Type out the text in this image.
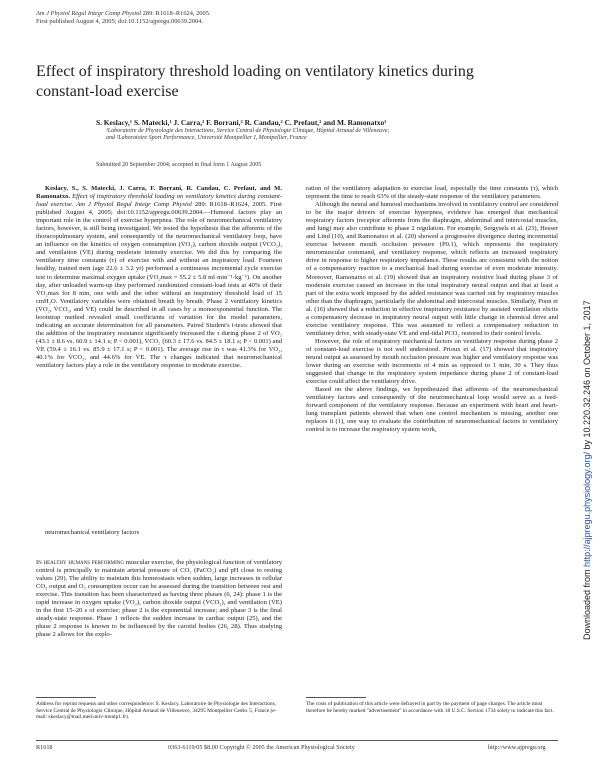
Am J Physiol Regul Integr Comp Physiol 289: R1618–R1624, 2005.
First published August 4, 2005; doi:10.1152/ajpregu.00639.2004.
Effect of inspiratory threshold loading on ventilatory kinetics during constant-load exercise
S. Keslacy,¹ S. Matecki,¹ J. Carra,² F. Borrani,² R. Candau,² C. Prefaut,¹ and M. Ramonatxo¹
¹Laboratoire de Physiologie des Interactions, Service Central de Physiologie Clinique, Hôpital Arnaud de Villeneuve;
and ²Laboratoire Sport Performance, Université Montpellier I, Montpellier, France
Submitted 20 September 2004; accepted in final form 1 August 2005

Keslacy, S., S. Matecki, J. Carra, F. Borrani, R. Candau, C. Prefaut, and M. Ramonatxo. Effect of inspiratory threshold loading on ventilatory kinetics during constant-load exercise. Am J Physiol Regul Integr Comp Physiol 289: R1618–R1624, 2005. First published August 4, 2005; doi:10.1152/ajpregu.00639.2004.—Humoral factors play an important role in the control of exercise hyperpnea. The role of neuromechanical ventilatory factors, however, is still being investigated. We tested the hypothesis that the afferents of the thoracopulmonary system, and consequently of the neuromechanical ventilatory loop, have an influence on the kinetics of oxygen consumption (V̇O₂), carbon dioxide output (V̇CO₂), and ventilation (V̇E) during moderate intensity exercise. We did this by comparing the ventilatory time constants (τ) of exercise with and without an inspiratory load. Fourteen healthy, trained men (age 22.6 ± 3.2 yr) performed a continuous incremental cycle exercise test to determine maximal oxygen uptake (V̇O₂max = 55.2 ± 5.8 ml·min⁻¹·kg⁻¹). On another day, after unloaded warm-up they performed randomized constant-load tests at 40% of their V̇O₂max for 8 min, one with and the other without an inspiratory threshold load of 15 cmH₂O. Ventilatory variables were obtained breath by breath. Phase 2 ventilatory kinetics (V̇O₂, V̇CO₂, and V̇E) could be described in all cases by a monoexponential function. The bootstrap method revealed small coefficients of variation for the model parameters, indicating an accurate determination for all parameters. Paired Student's t-tests showed that the addition of the inspiratory resistance significantly increased the τ during phase 2 of V̇O₂ (43.1 ± 8.6 vs. 60.9 ± 14.1 s; P < 0.001), V̇CO₂ (60.3 ± 17.6 vs. 84.5 ± 18.1 s; P < 0.001) and V̇E (59.4 ± 16.1 vs. 85.9 ± 17.1 s; P < 0.001). The average rise in τ was 41.3% for V̇O₂, 40.1% for V̇CO₂, and 44.6% for V̇E. The τ changes indicated that neuromechanical ventilatory factors play a role in the ventilatory response to moderate exercise.

neuromechanical ventilatory factors

In healthy humans performing muscular exercise, the physiological function of ventilatory control is principally to maintain arterial pressure of CO₂ (PaCO₂) and pH close to resting values (29). The ability to maintain this homeostasis when sudden, large increases in cellular CO₂ output and O₂ consumption occur can be assessed during the transition between rest and exercise. This transition has been characterized as having three phases (6, 24): phase 1 is the rapid increase in oxygen uptake (V̇O₂), carbon dioxide output (V̇CO₂), and ventilation (V̇E) in the first 15–20 s of exercise; phase 2 is the exponential increase; and phase 3 is the final steady-state response. Phase 1 reflects the sudden increase in cardiac output (25), and the phase 2 response is known to be influenced by the carotid bodies (26, 28). Thus studying phase 2 allows for the explo-

ration of the ventilatory adaptation to exercise load, especially the time constants (τ), which represent the time to reach 63% of the steady-state response of the ventilatory parameters.

Although the neural and humoral mechanisms involved in ventilatory control are considered to be the major drivers of exercise hyperpnea, evidence has emerged that mechanical respiratory factors (receptor afferents from the diaphragm, abdominal and intercostal muscles, and lung) may also contribute to phase 2 regulation. For example, Sergysels et al. (23), Hesser and Lind (10), and Ramonatxo et al. (20) showed a progressive divergence during incremental exercise between mouth occlusion pressure (P0.1), which represents the respiratory neuromuscular command, and ventilatory response, which reflects an increased respiratory drive in response to higher respiratory impedance. These results are consistent with the notion of a compensatory reaction to a mechanical load during exercise of even moderate intensity. Moreover, Ramonatxo et al. (19) showed that an inspiratory resistive load during phase 3 of moderate exercise caused an increase in the total inspiratory neural output and that at least a part of the extra work imposed by the added resistance was carried out by respiratory muscles other than the diaphragm, particularly the abdominal and intercostal muscles. Similarly, Poon et al. (16) showed that a reduction in effective inspiratory resistance by assisted ventilation elicits a compensatory decrease in inspiratory neural output with little change in chemical drive and exercise ventilatory response. This was assumed to reflect a compensatory reduction in ventilatory drive, with steady-state V̇E and end-tidal PCO₂ restored to their control levels.

However, the role of respiratory mechanical factors on ventilatory response during phase 2 of constant-load exercise is not well understood. Prioux et al. (17) showed that inspiratory neural output as assessed by mouth occlusion pressure was higher and ventilatory response was lower during an exercise with increments of 4 min as opposed to 1 min, 30 s. They thus suggested that change in the respiratory system impedance during phase 2 of constant-load exercise could affect the ventilatory drive.

Based on the above findings, we hypothesized that afferents of the neuromechanical ventilatory factors and consequently of the neuromechanical loop would serve as a feed-forward component of the ventilatory response. Because an experiment with heart and heart-lung transplant patients showed that when one control mechanism is missing, another one replaces it (1), one way to evaluate the contribution of neuromechanical factors to ventilatory control is to increase the respiratory system work,

Address for reprint requests and other correspondence: S. Keslacy, Laboratoire de Physiologie des Interactions, Service Central de Physiologie Clinique, Hôpital Arnaud de Villeneuve, 34295 Montpellier Cedex 5, France (e-mail: skeslacy@mail.med.univ-montp1.fr).
The costs of publication of this article were defrayed in part by the payment of page charges. The article must therefore be hereby marked "advertisement" in accordance with 18 U.S.C. Section 1734 solely to indicate this fact.
R1618	0363-6119/05 $8.00 Copyright © 2005 the American Physiological Society	http://www.ajpregu.org
Downloaded from http://ajpregu.physiology.org/ by 10.220.32.246 on October 1, 2017
